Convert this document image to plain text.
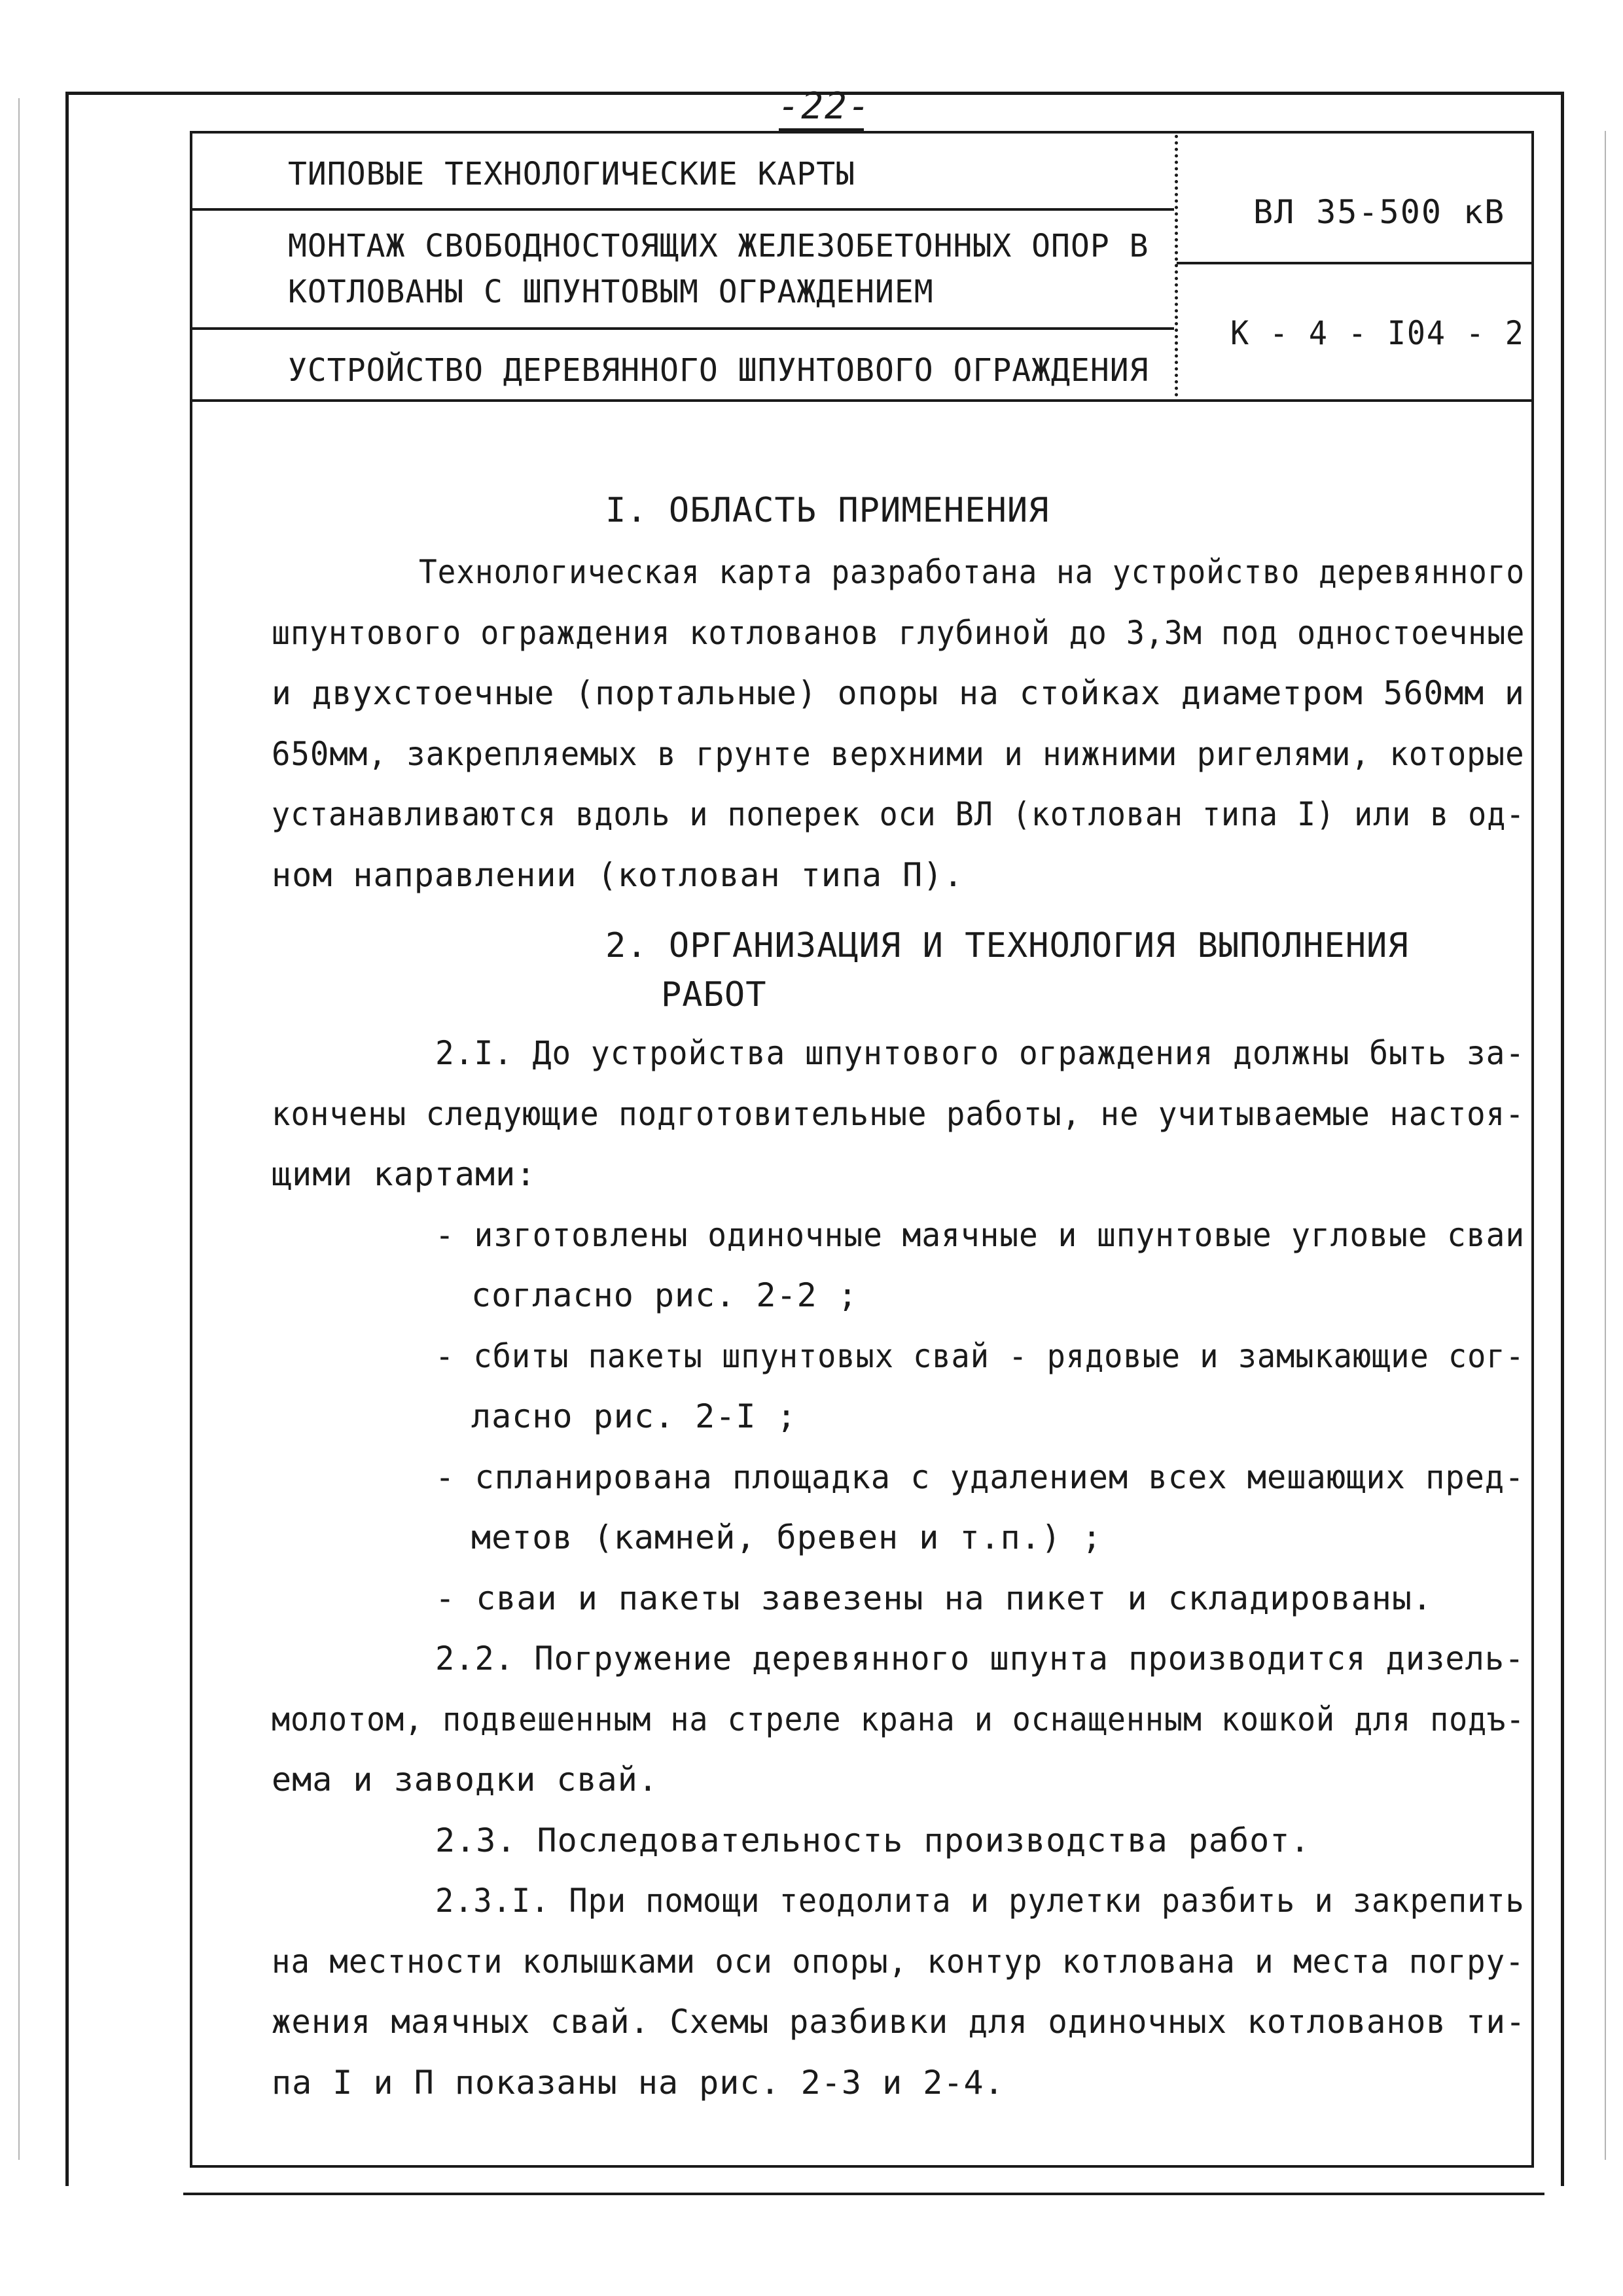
-22-
ТИПОВЫЕ ТЕХНОЛОГИЧЕСКИЕ КАРТЫ
МОНТАЖ СВОБОДНОСТОЯЩИХ ЖЕЛЕЗОБЕТОННЫХ ОПОР В
КОТЛОВАНЫ С ШПУНТОВЫМ ОГРАЖДЕНИЕМ
УСТРОЙСТВО ДЕРЕВЯННОГО ШПУНТОВОГО ОГРАЖДЕНИЯ
ВЛ 35-500 кВ
К - 4 - I04 - 2
I. ОБЛАСТЬ ПРИМЕНЕНИЯ
Технологическая карта разработана на устройство деревянного
шпунтового ограждения котлованов глубиной до 3,3м под одностоечные
и двухстоечные (портальные) опоры на стойках диаметром 560мм и
650мм, закрепляемых в грунте верхними и нижними ригелями, которые
устанавливаются вдоль и поперек оси ВЛ (котлован типа I) или в од-
ном направлении (котлован типа П).
2. ОРГАНИЗАЦИЯ И ТЕХНОЛОГИЯ ВЫПОЛНЕНИЯ
РАБОТ
2.I. До устройства шпунтового ограждения должны быть за-
кончены следующие подготовительные работы, не учитываемые настоя-
щими картами:
- изготовлены одиночные маячные и шпунтовые угловые сваи
согласно рис. 2-2 ;
- сбиты пакеты шпунтовых свай - рядовые и замыкающие сог-
ласно рис. 2-I ;
- спланирована площадка с удалением всех мешающих пред-
метов (камней, бревен и т.п.) ;
- сваи и пакеты завезены на пикет и складированы.
2.2. Погружение деревянного шпунта производится дизель-
молотом, подвешенным на стреле крана и оснащенным кошкой для подъ-
ема и заводки свай.
2.3. Последовательность производства работ.
2.3.I. При помощи теодолита и рулетки разбить и закрепить
на местности колышками оси опоры, контур котлована и места погру-
жения маячных свай. Схемы разбивки для одиночных котлованов ти-
па I и П показаны на рис. 2-3 и 2-4.
